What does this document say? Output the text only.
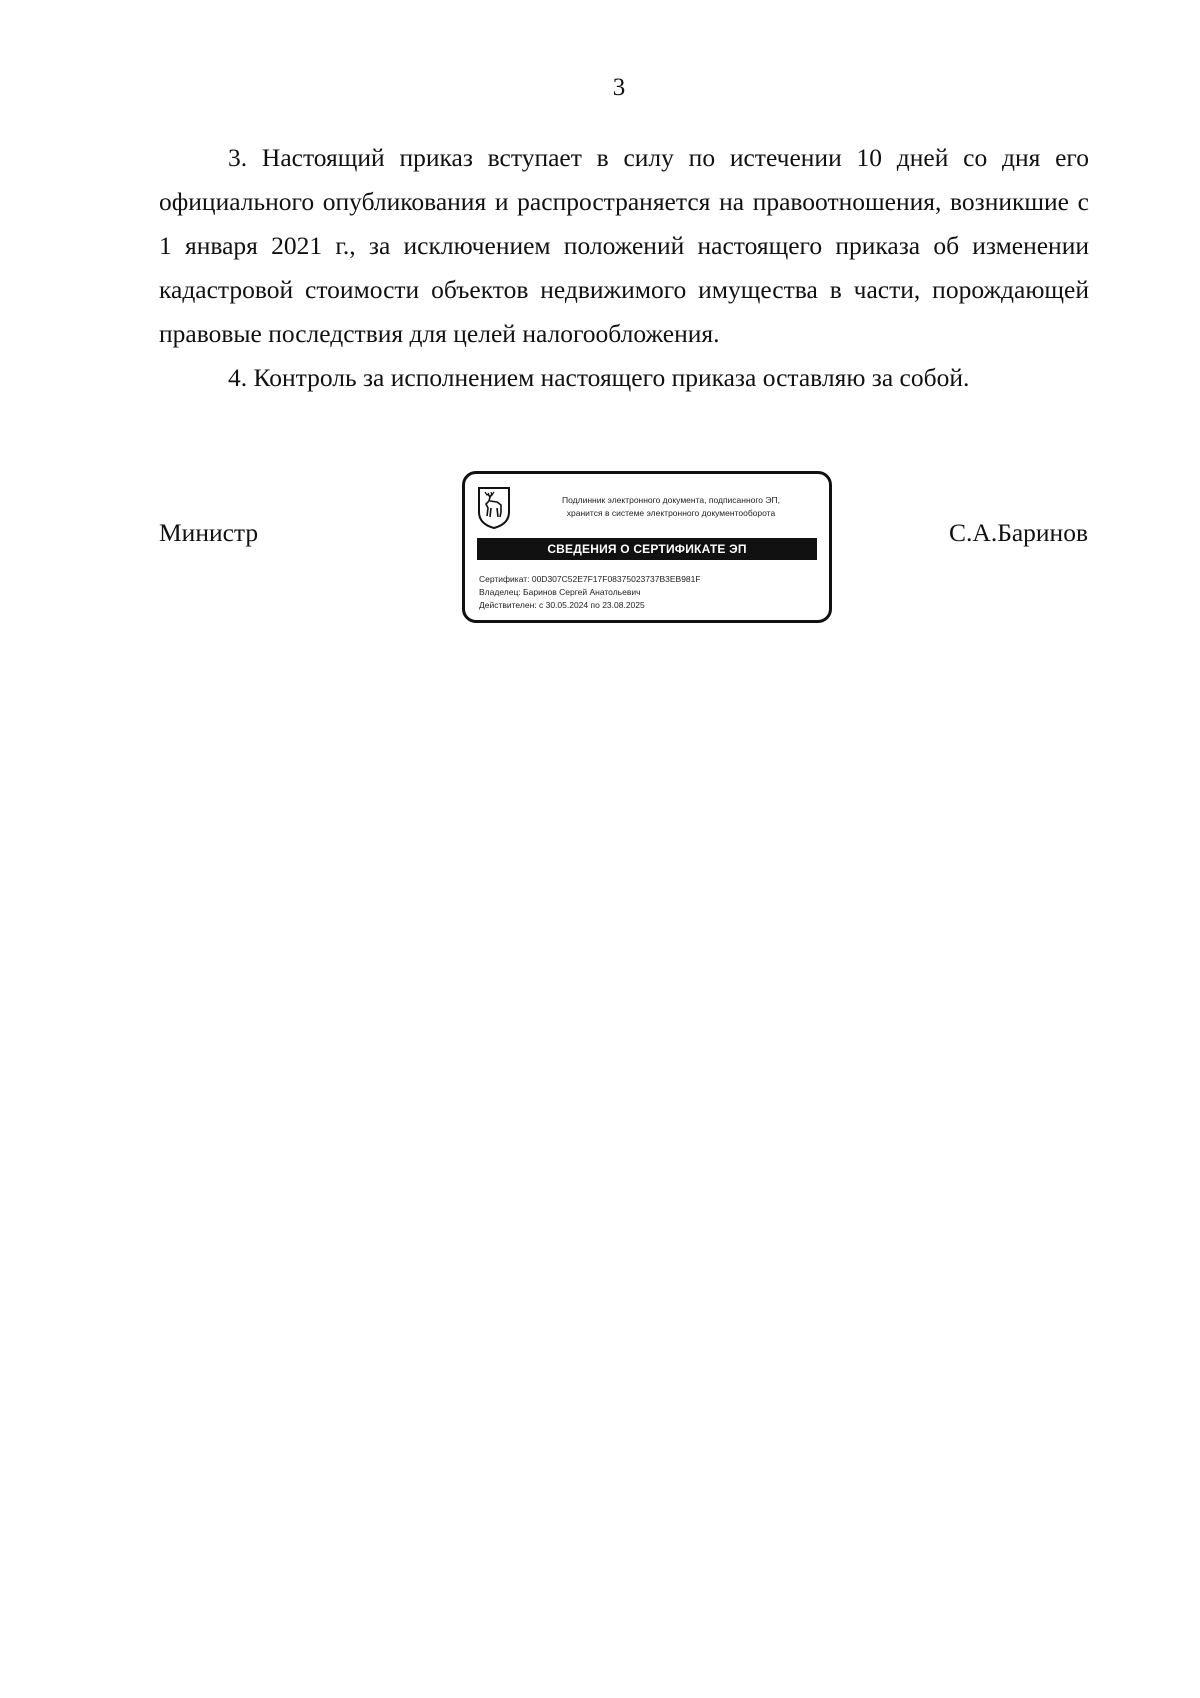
3

3. Настоящий приказ вступает в силу по истечении 10 дней со дня его официального опубликования и распространяется на правоотношения, возникшие с 1 января 2021 г., за исключением положений настоящего приказа об изменении кадастровой стоимости объектов недвижимого имущества в части, порождающей правовые последствия для целей налогообложения.

4. Контроль за исполнением настоящего приказа оставляю за собой.

Министр
Подлинник электронного документа, подписанного ЭП,
хранится в системе электронного документооборота
СВЕДЕНИЯ О СЕРТИФИКАТЕ ЭП
Сертификат: 00D307C52E7F17F08375023737B3EB981F
Владелец: Баринов Сергей Анатольевич
Действителен: с 30.05.2024 по 23.08.2025
С.А.Баринов
